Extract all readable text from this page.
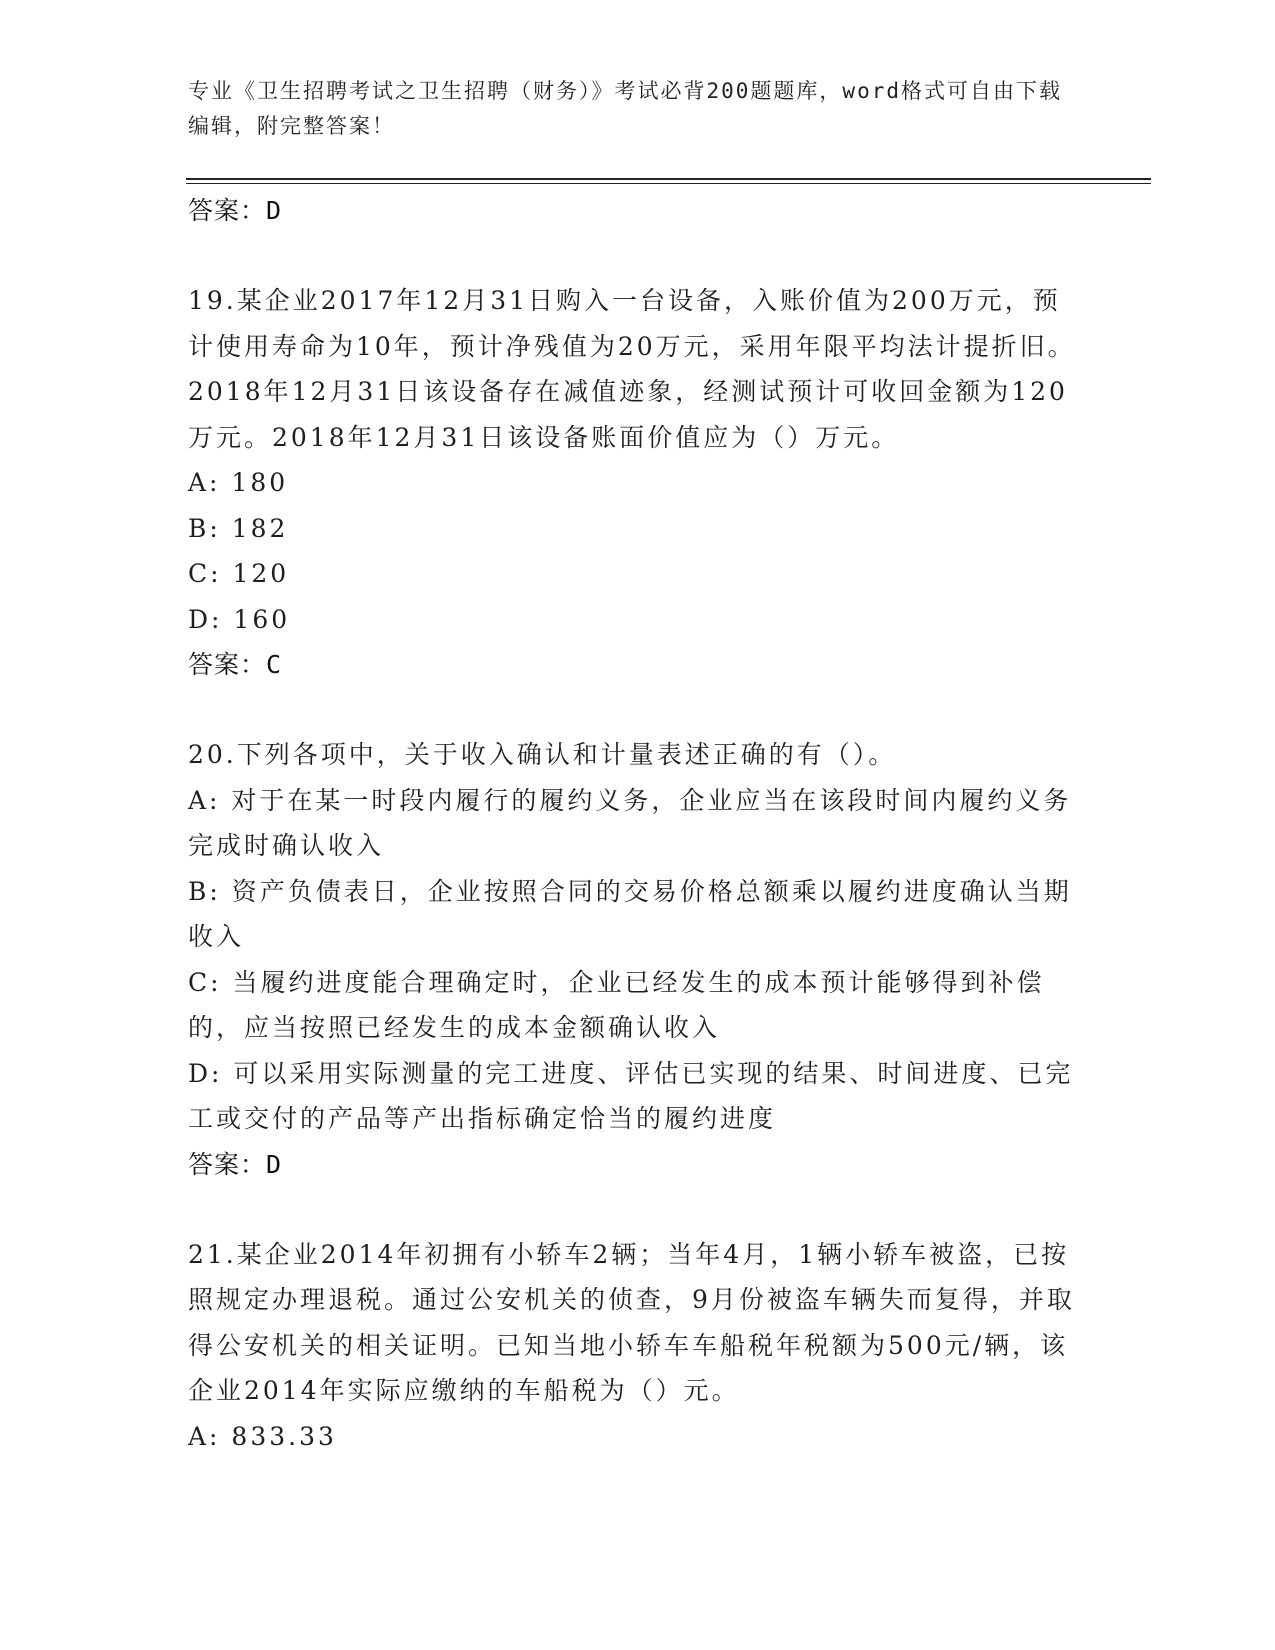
专业《卫生招聘考试之卫生招聘（财务）》考试必背200题题库，word格式可自由下载编辑，附完整答案！
答案：D
19.某企业2017年12月31日购入一台设备，入账价值为200万元，预计使用寿命为10年，预计净残值为20万元，采用年限平均法计提折旧。2018年12月31日该设备存在减值迹象，经测试预计可收回金额为120万元。2018年12月31日该设备账面价值应为（）万元。
A: 180
B: 182
C: 120
D: 160
答案：C
20.下列各项中，关于收入确认和计量表述正确的有（）。
A: 对于在某一时段内履行的履约义务，企业应当在该段时间内履约义务完成时确认收入
B: 资产负债表日，企业按照合同的交易价格总额乘以履约进度确认当期收入
C: 当履约进度能合理确定时，企业已经发生的成本预计能够得到补偿的，应当按照已经发生的成本金额确认收入
D: 可以采用实际测量的完工进度、评估已实现的结果、时间进度、已完工或交付的产品等产出指标确定恰当的履约进度
答案：D
21.某企业2014年初拥有小轿车2辆；当年4月，1辆小轿车被盗，已按照规定办理退税。通过公安机关的侦查，9月份被盗车辆失而复得，并取得公安机关的相关证明。已知当地小轿车车船税年税额为500元/辆，该企业2014年实际应缴纳的车船税为（）元。
A: 833.33
